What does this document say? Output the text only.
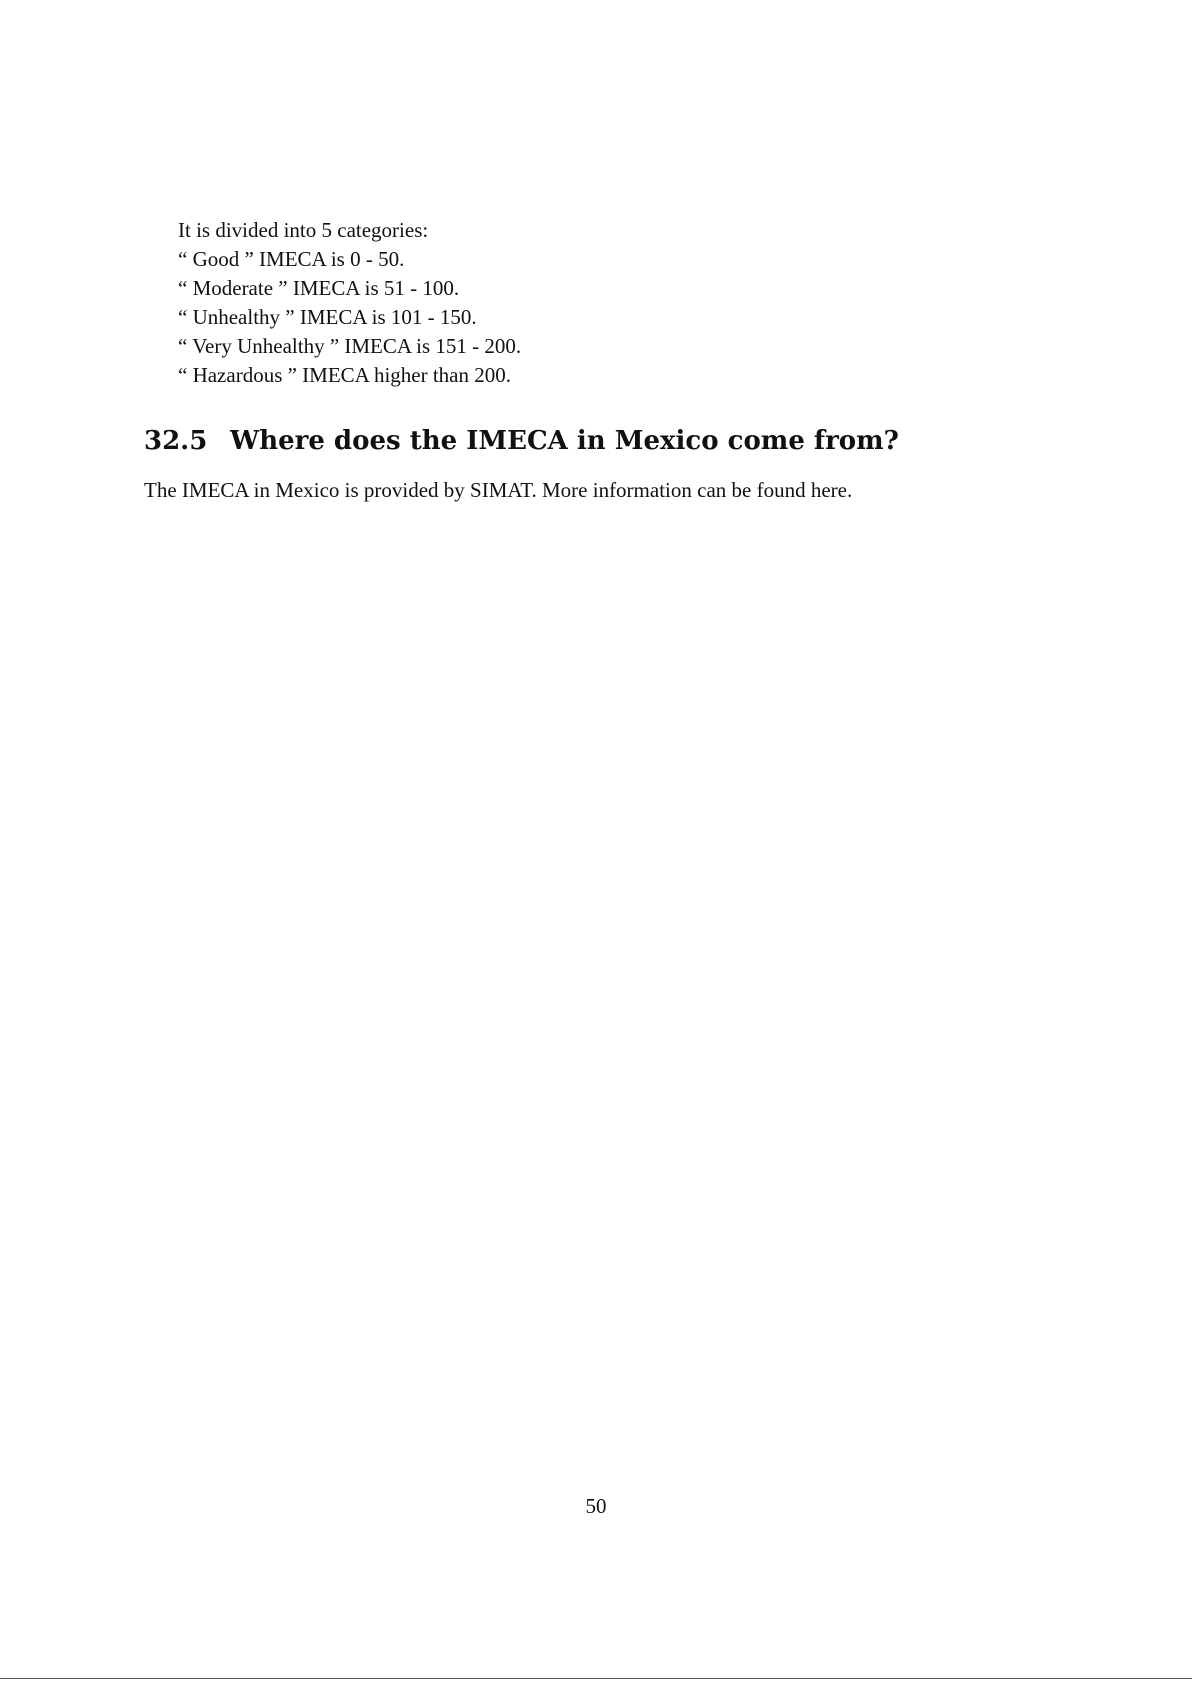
It is divided into 5 categories:

“ Good ” IMECA is 0 - 50.

“ Moderate ” IMECA is 51 - 100.

“ Unhealthy ” IMECA is 101 - 150.

“ Very Unhealthy ” IMECA is 151 - 200.

“ Hazardous ” IMECA higher than 200.

32.5 Where does the IMECA in Mexico come from?

The IMECA in Mexico is provided by SIMAT. More information can be found here.

50
